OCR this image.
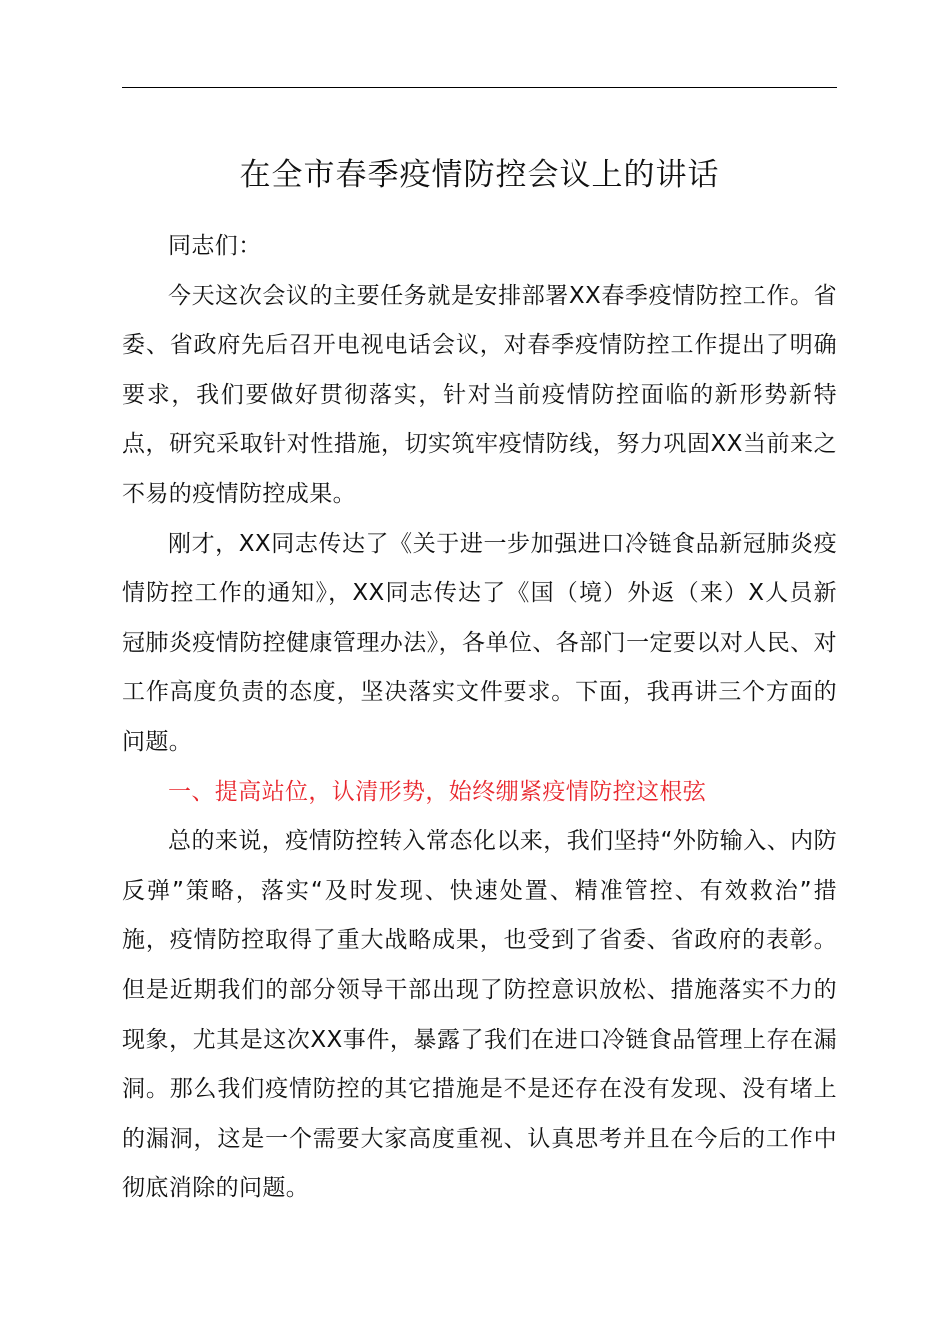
在全市春季疫情防控会议上的讲话

同志们：

今天这次会议的主要任务就是安排部署XX春季疫情防控工作。省委、省政府先后召开电视电话会议，对春季疫情防控工作提出了明确要求，我们要做好贯彻落实，针对当前疫情防控面临的新形势新特点，研究采取针对性措施，切实筑牢疫情防线，努力巩固XX当前来之不易的疫情防控成果。

刚才，XX同志传达了《关于进一步加强进口冷链食品新冠肺炎疫情防控工作的通知》，XX同志传达了《国（境）外返（来）X人员新冠肺炎疫情防控健康管理办法》，各单位、各部门一定要以对人民、对工作高度负责的态度，坚决落实文件要求。下面，我再讲三个方面的问题。

一、提高站位，认清形势，始终绷紧疫情防控这根弦

总的来说，疫情防控转入常态化以来，我们坚持“外防输入、内防反弹”策略，落实“及时发现、快速处置、精准管控、有效救治”措施，疫情防控取得了重大战略成果，也受到了省委、省政府的表彰。但是近期我们的部分领导干部出现了防控意识放松、措施落实不力的现象，尤其是这次XX事件，暴露了我们在进口冷链食品管理上存在漏洞。那么我们疫情防控的其它措施是不是还存在没有发现、没有堵上的漏洞，这是一个需要大家高度重视、认真思考并且在今后的工作中彻底消除的问题。
